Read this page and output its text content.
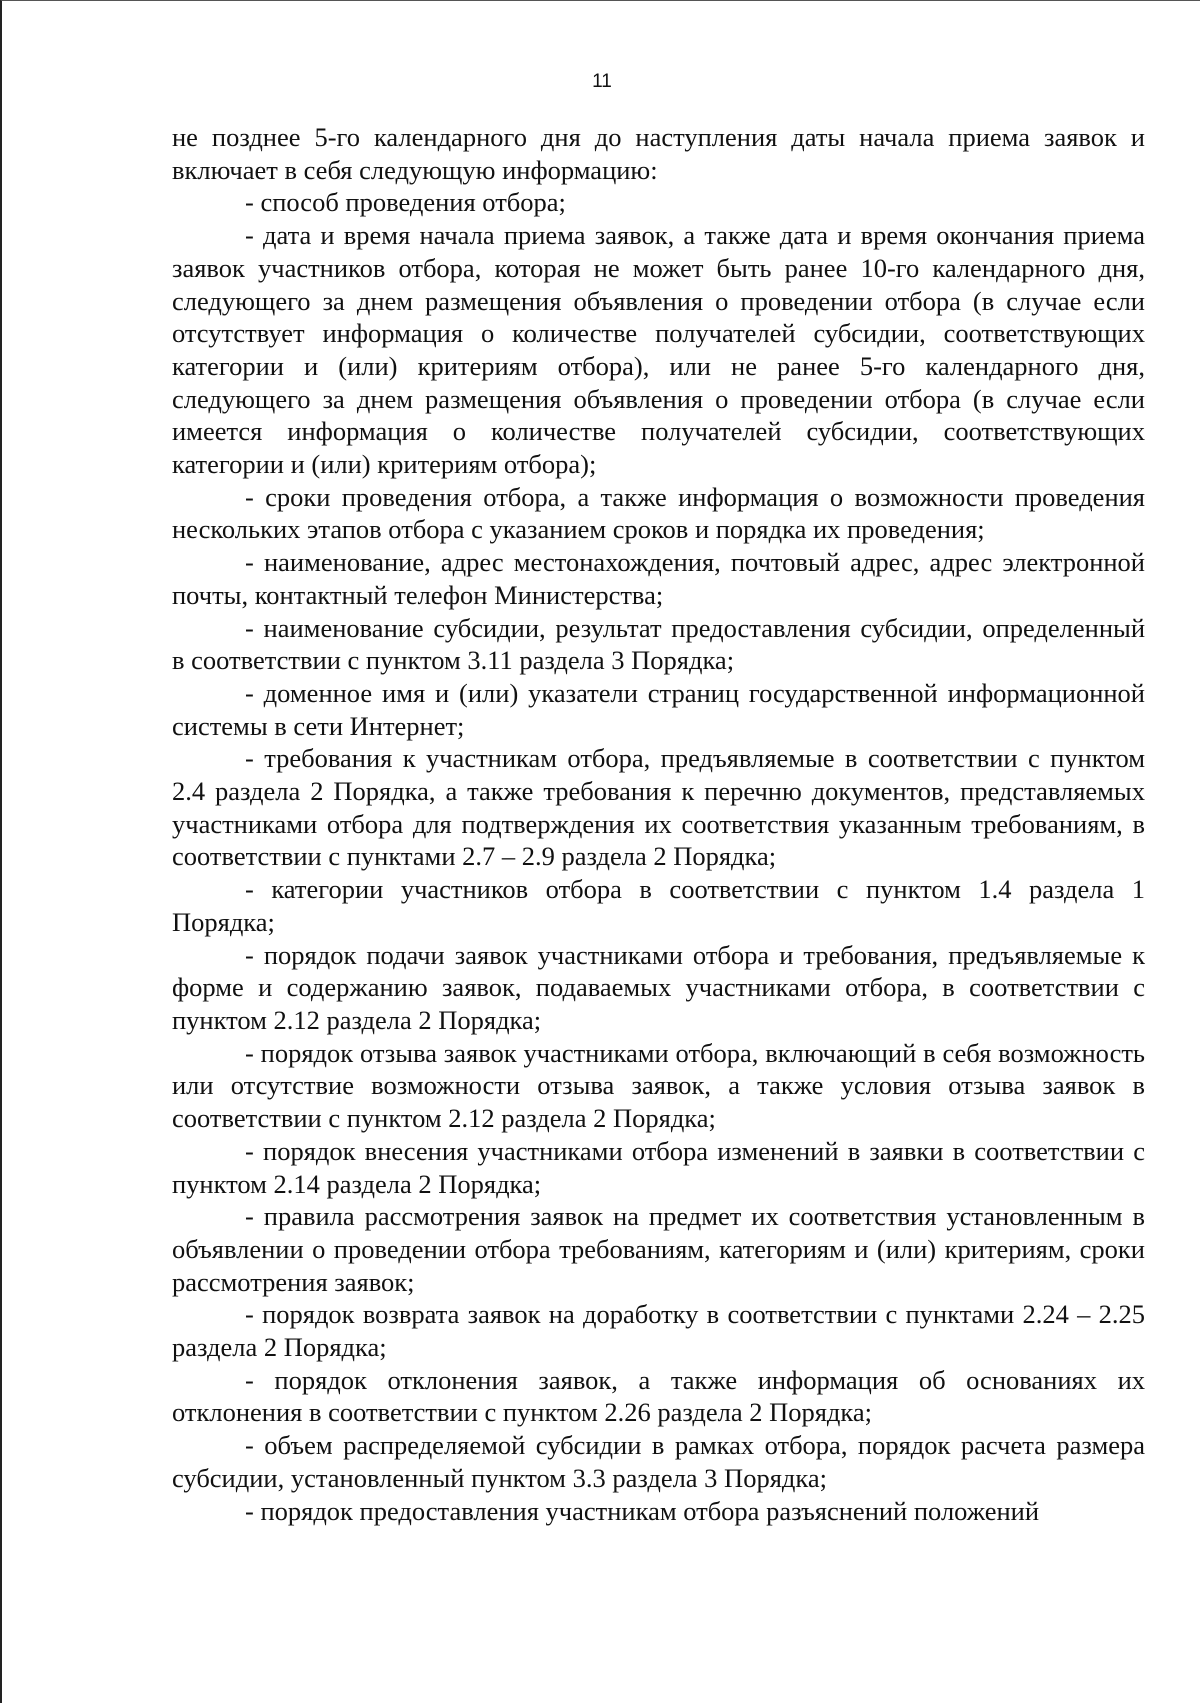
11

не позднее 5-го календарного дня до наступления даты начала приема заявок и включает в себя следующую информацию:

- способ проведения отбора;

- дата и время начала приема заявок, а также дата и время окончания приема заявок участников отбора, которая не может быть ранее 10-го календарного дня, следующего за днем размещения объявления о проведении отбора (в случае если отсутствует информация о количестве получателей субсидии, соответствующих категории и (или) критериям отбора), или не ранее 5-го календарного дня, следующего за днем размещения объявления о проведении отбора (в случае если имеется информация о количестве получателей субсидии, соответствующих категории и (или) критериям отбора);

- сроки проведения отбора, а также информация о возможности проведения нескольких этапов отбора с указанием сроков и порядка их проведения;

- наименование, адрес местонахождения, почтовый адрес, адрес электронной почты, контактный телефон Министерства;

- наименование субсидии, результат предоставления субсидии, определенный в соответствии с пунктом 3.11 раздела 3 Порядка;

- доменное имя и (или) указатели страниц государственной информационной системы в сети Интернет;

- требования к участникам отбора, предъявляемые в соответствии с пунктом 2.4 раздела 2 Порядка, а также требования к перечню документов, представляемых участниками отбора для подтверждения их соответствия указанным требованиям, в соответствии с пунктами 2.7 – 2.9 раздела 2 Порядка;

- категории участников отбора в соответствии с пунктом 1.4 раздела 1 Порядка;

- порядок подачи заявок участниками отбора и требования, предъявляемые к форме и содержанию заявок, подаваемых участниками отбора, в соответствии с пунктом 2.12 раздела 2 Порядка;

- порядок отзыва заявок участниками отбора, включающий в себя возможность или отсутствие возможности отзыва заявок, а также условия отзыва заявок в соответствии с пунктом 2.12 раздела 2 Порядка;

- порядок внесения участниками отбора изменений в заявки в соответствии с пунктом 2.14 раздела 2 Порядка;

- правила рассмотрения заявок на предмет их соответствия установленным в объявлении о проведении отбора требованиям, категориям и (или) критериям, сроки рассмотрения заявок;

- порядок возврата заявок на доработку в соответствии с пунктами 2.24 – 2.25 раздела 2 Порядка;

- порядок отклонения заявок, а также информация об основаниях их отклонения в соответствии с пунктом 2.26 раздела 2 Порядка;

- объем распределяемой субсидии в рамках отбора, порядок расчета размера субсидии, установленный пунктом 3.3 раздела 3 Порядка;

- порядок предоставления участникам отбора разъяснений положений
